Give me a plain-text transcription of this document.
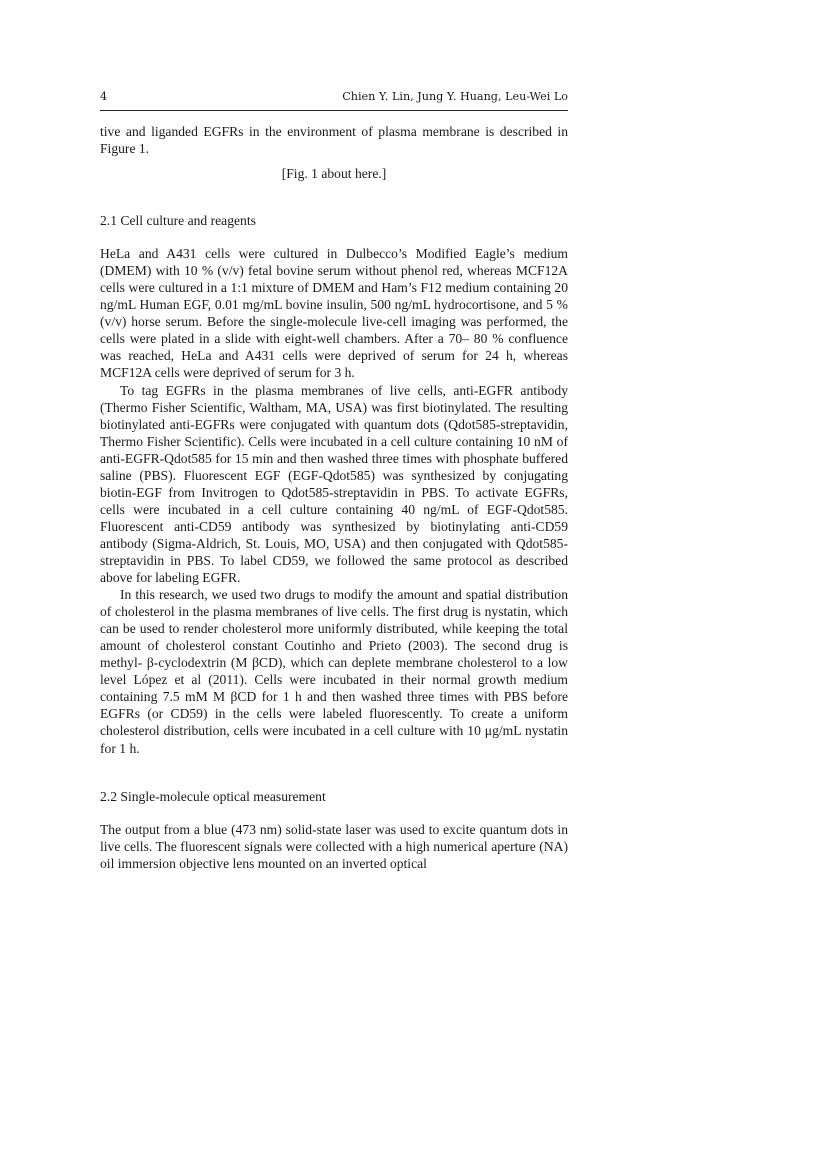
4	Chien Y. Lin, Jung Y. Huang, Leu-Wei Lo

tive and liganded EGFRs in the environment of plasma membrane is described in Figure 1.

[Fig. 1 about here.]

2.1 Cell culture and reagents

HeLa and A431 cells were cultured in Dulbecco’s Modified Eagle’s medium (DMEM) with 10 % (v/v) fetal bovine serum without phenol red, whereas MCF12A cells were cultured in a 1:1 mixture of DMEM and Ham’s F12 medium containing 20 ng/mL Human EGF, 0.01 mg/mL bovine insulin, 500 ng/mL hydrocortisone, and 5 %(v/v) horse serum. Before the single-molecule live-cell imaging was performed, the cells were plated in a slide with eight-well chambers. After a 70– 80 % confluence was reached, HeLa and A431 cells were deprived of serum for 24 h, whereas MCF12A cells were deprived of serum for 3 h.

To tag EGFRs in the plasma membranes of live cells, anti-EGFR antibody (Thermo Fisher Scientific, Waltham, MA, USA) was first biotinylated. The resulting biotinylated anti-EGFRs were conjugated with quantum dots (Qdot585-streptavidin, Thermo Fisher Scientific). Cells were incubated in a cell culture containing 10 nM of anti-EGFR-Qdot585 for 15 min and then washed three times with phosphate buffered saline (PBS). Fluorescent EGF (EGF-Qdot585) was synthesized by conjugating biotin-EGF from Invitrogen to Qdot585-streptavidin in PBS. To activate EGFRs, cells were incubated in a cell culture containing 40 ng/mL of EGF-Qdot585. Fluorescent anti-CD59 antibody was synthesized by biotinylating anti-CD59 antibody (Sigma-Aldrich, St. Louis, MO, USA) and then conjugated with Qdot585-streptavidin in PBS. To label CD59, we followed the same protocol as described above for labeling EGFR.

In this research, we used two drugs to modify the amount and spatial distribution of cholesterol in the plasma membranes of live cells. The first drug is nystatin, which can be used to render cholesterol more uniformly distributed, while keeping the total amount of cholesterol constant Coutinho and Prieto (2003). The second drug is methyl- β-cyclodextrin (M βCD), which can deplete membrane cholesterol to a low level López et al (2011). Cells were incubated in their normal growth medium containing 7.5 mM M βCD for 1 h and then washed three times with PBS before EGFRs (or CD59) in the cells were labeled fluorescently. To create a uniform cholesterol distribution, cells were incubated in a cell culture with 10 μg/mL nystatin for 1 h.

2.2 Single-molecule optical measurement

The output from a blue (473 nm) solid-state laser was used to excite quantum dots in live cells. The fluorescent signals were collected with a high numerical aperture (NA) oil immersion objective lens mounted on an inverted optical
